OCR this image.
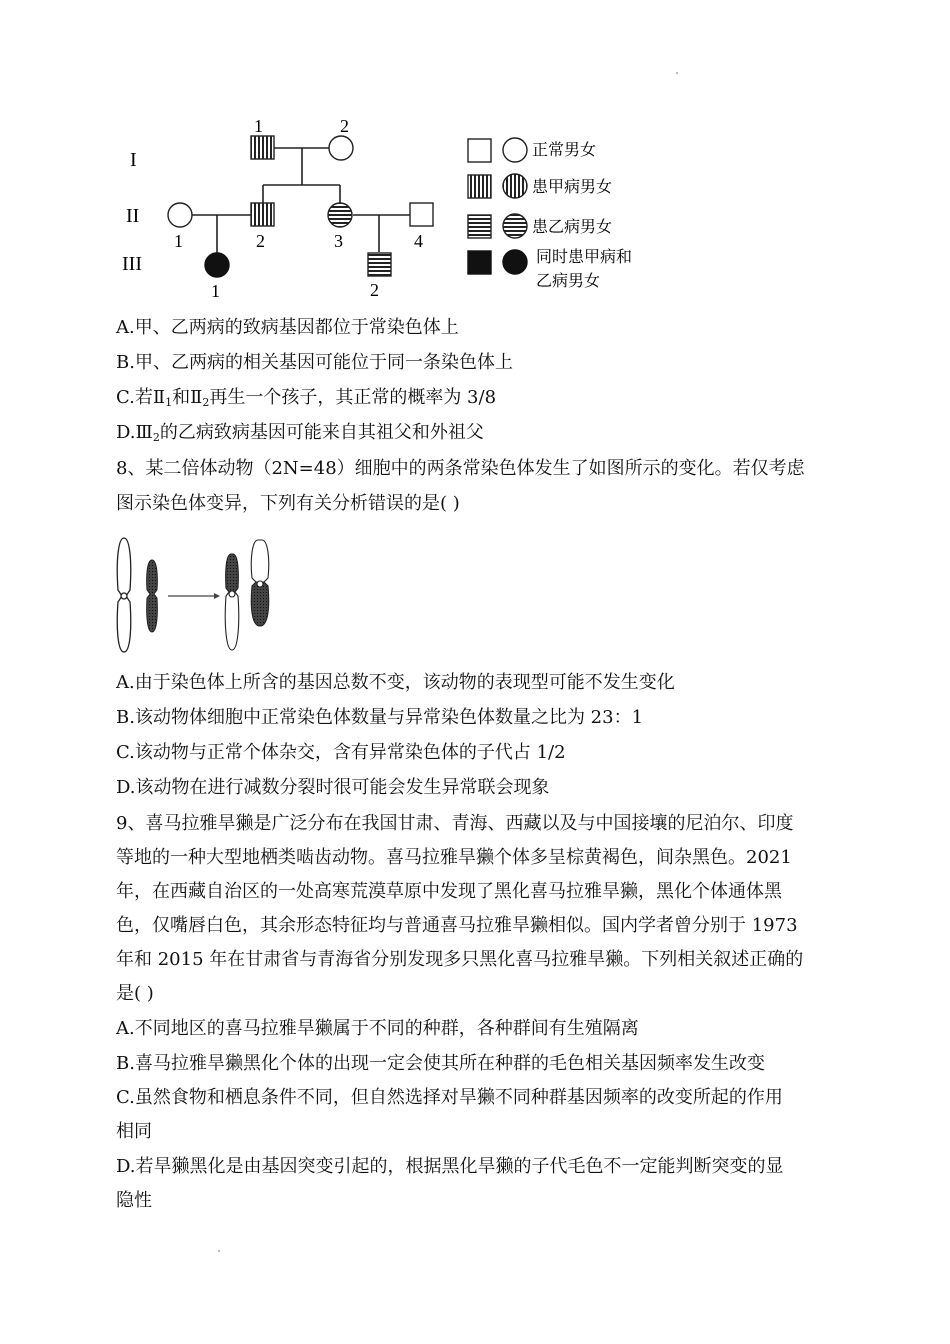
I
II
III
1	2
1	2	3	4
1	2
正常男女
患甲病男女
患乙病男女
同时患甲病和
乙病男女
A.甲、乙两病的致病基因都位于常染色体上
B.甲、乙两病的相关基因可能位于同一条染色体上
C.若$Ⅱ_1$和$Ⅱ_2$再生一个孩子，其正常的概率为 3/8
$D.Ⅲ_2$的乙病致病基因可能来自其祖父和外祖父
8、某二倍体动物（2N=48）细胞中的两条常染色体发生了如图所示的变化。若仅考虑
图示染色体变异，下列有关分析错误的是( )
A.由于染色体上所含的基因总数不变，该动物的表现型可能不发生变化
B.该动物体细胞中正常染色体数量与异常染色体数量之比为 23：1
C.该动物与正常个体杂交，含有异常染色体的子代占 1/2
D.该动物在进行减数分裂时很可能会发生异常联会现象
9、喜马拉雅旱獭是广泛分布在我国甘肃、青海、西藏以及与中国接壤的尼泊尔、印度
等地的一种大型地栖类啮齿动物。喜马拉雅旱獭个体多呈棕黄褐色，间杂黑色。2021
年，在西藏自治区的一处高寒荒漠草原中发现了黑化喜马拉雅旱獭，黑化个体通体黑
色，仅嘴唇白色，其余形态特征均与普通喜马拉雅旱獭相似。国内学者曾分别于 1973
年和 2015 年在甘肃省与青海省分别发现多只黑化喜马拉雅旱獭。下列相关叙述正确的
是( )
A.不同地区的喜马拉雅旱獭属于不同的种群，各种群间有生殖隔离
B.喜马拉雅旱獭黑化个体的出现一定会使其所在种群的毛色相关基因频率发生改变
C.虽然食物和栖息条件不同，但自然选择对旱獭不同种群基因频率的改变所起的作用
相同
D.若旱獭黑化是由基因突变引起的，根据黑化旱獭的子代毛色不一定能判断突变的显
隐性
